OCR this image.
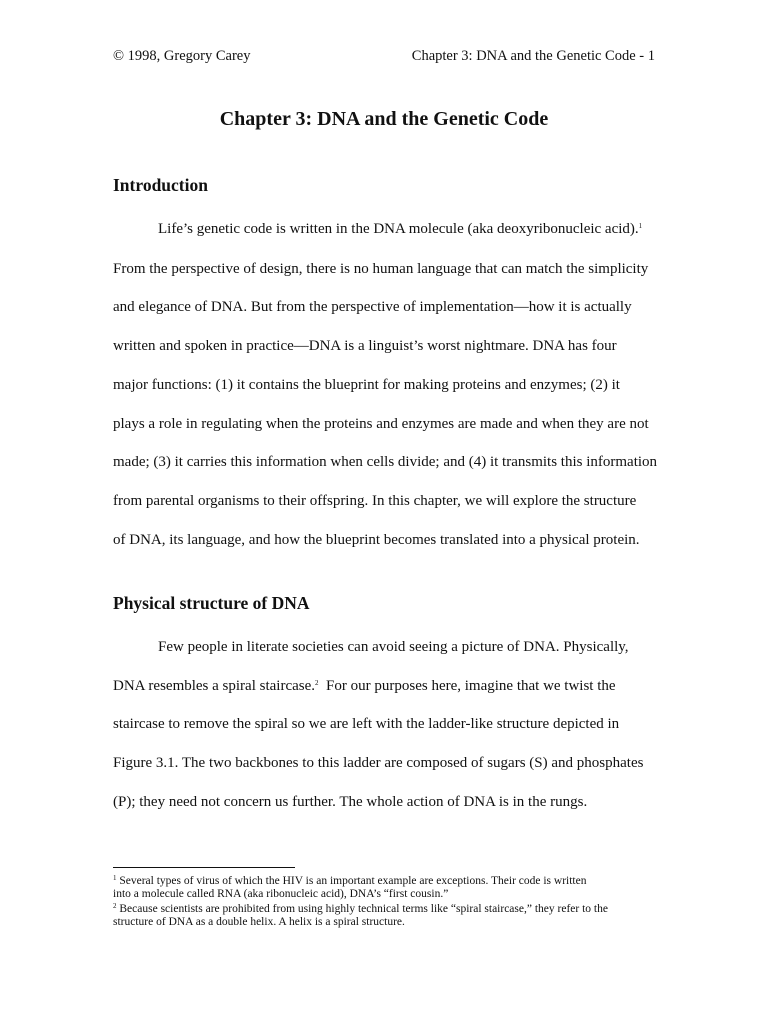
© 1998, Gregory Carey	Chapter 3: DNA and the Genetic Code - 1
Chapter 3: DNA and the Genetic Code
Introduction
Life’s genetic code is written in the DNA molecule (aka deoxyribonucleic acid).$^1$
From the perspective of design, there is no human language that can match the simplicity
and elegance of DNA. But from the perspective of implementation—how it is actually
written and spoken in practice—DNA is a linguist’s worst nightmare. DNA has four
major functions: (1) it contains the blueprint for making proteins and enzymes; (2) it
plays a role in regulating when the proteins and enzymes are made and when they are not
made; (3) it carries this information when cells divide; and (4) it transmits this information
from parental organisms to their offspring. In this chapter, we will explore the structure
of DNA, its language, and how the blueprint becomes translated into a physical protein.
Physical structure of DNA
Few people in literate societies can avoid seeing a picture of DNA. Physically,
DNA resembles a spiral staircase.$^2$  For our purposes here, imagine that we twist the
staircase to remove the spiral so we are left with the ladder-like structure depicted in
Figure 3.1. The two backbones to this ladder are composed of sugars (S) and phosphates
(P); they need not concern us further. The whole action of DNA is in the rungs.
$^1$ Several types of virus of which the HIV is an important example are exceptions. Their code is written
into a molecule called RNA (aka ribonucleic acid), DNA’s “first cousin.”
$^2$ Because scientists are prohibited from using highly technical terms like “spiral staircase,” they refer to the
structure of DNA as a double helix. A helix is a spiral structure.
